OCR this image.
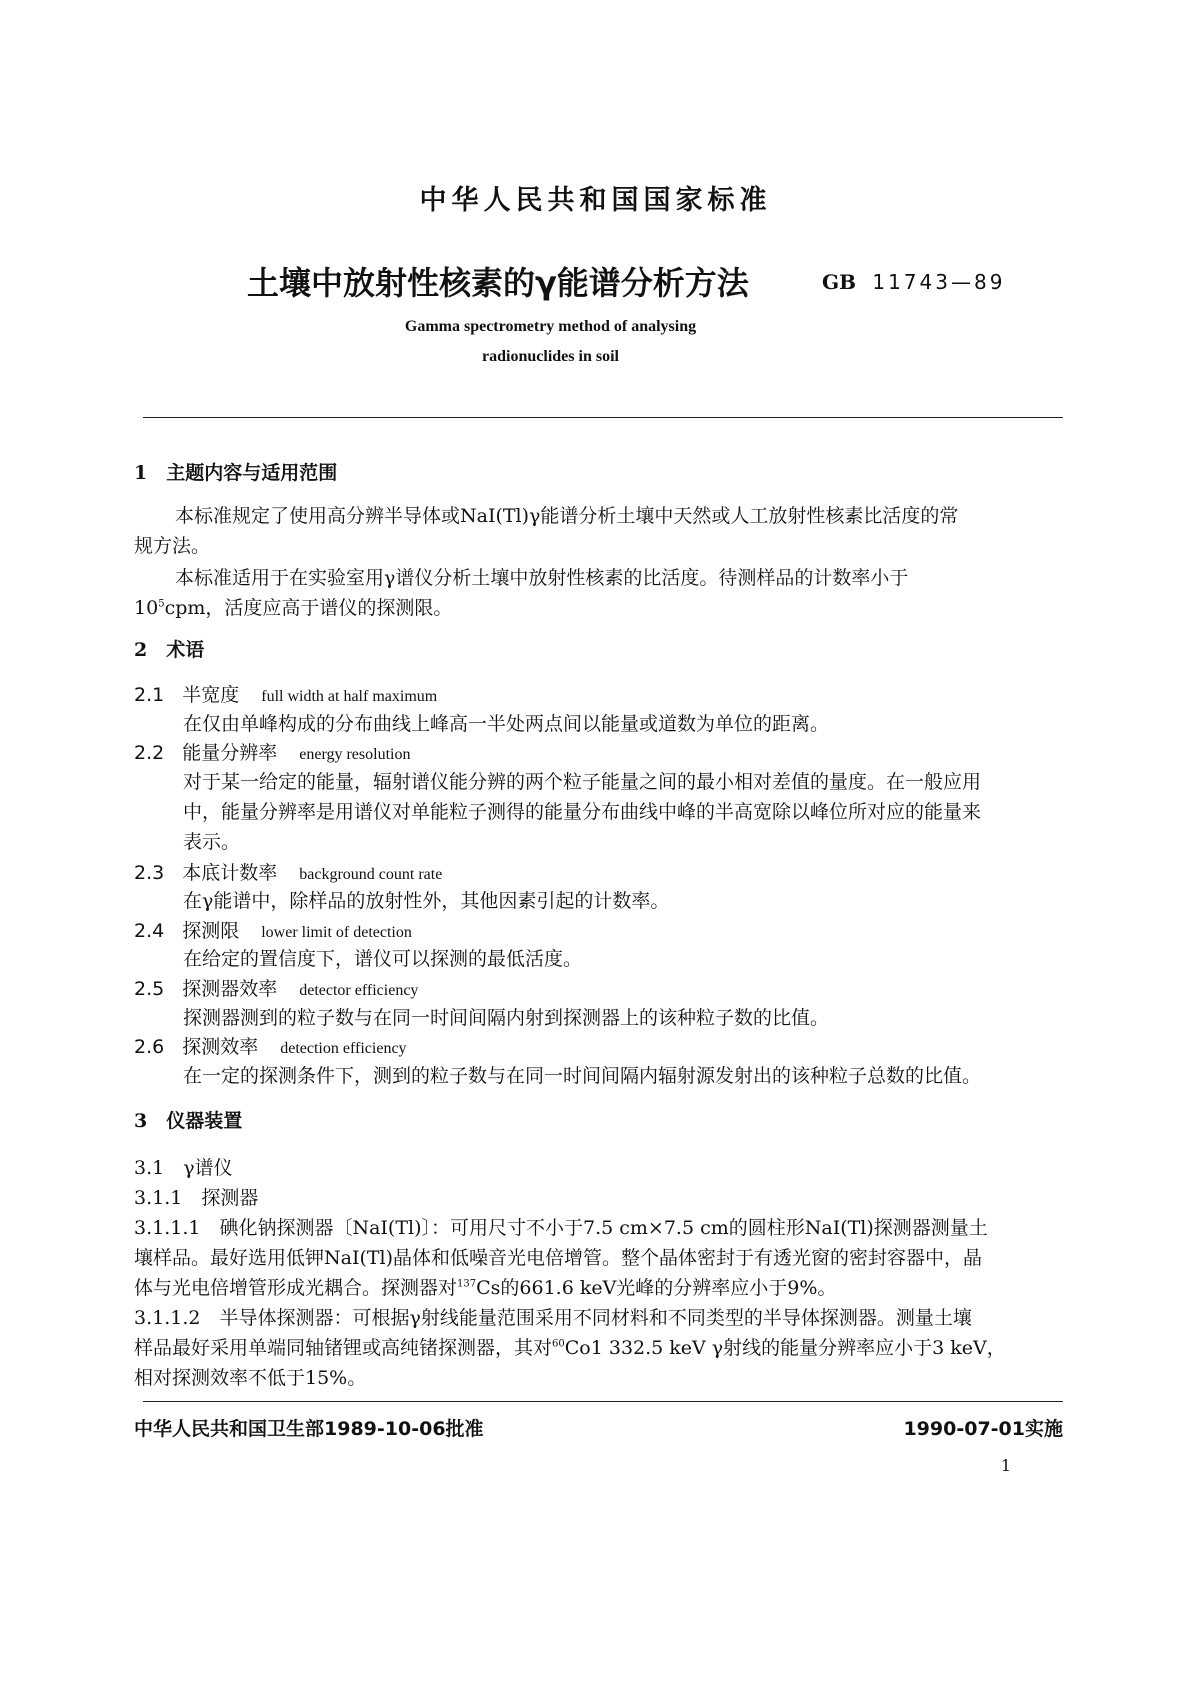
中华人民共和国国家标准
土壤中放射性核素的γ能谱分析方法	GB 11743—89
Gamma spectrometry method of analysing
radionuclides in soil
1　主题内容与适用范围
本标准规定了使用高分辨半导体或NaI(Tl)γ能谱分析土壤中天然或人工放射性核素比活度的常
规方法。
本标准适用于在实验室用γ谱仪分析土壤中放射性核素的比活度。待测样品的计数率小于
$10^5cpm$，活度应高于谱仪的探测限。
2　术语
2.1 半宽度 full width at half maximum
在仅由单峰构成的分布曲线上峰高一半处两点间以能量或道数为单位的距离。
2.2 能量分辨率 energy resolution
对于某一给定的能量，辐射谱仪能分辨的两个粒子能量之间的最小相对差值的量度。在一般应用
中，能量分辨率是用谱仪对单能粒子测得的能量分布曲线中峰的半高宽除以峰位所对应的能量来
表示。
2.3 本底计数率 background count rate
在γ能谱中，除样品的放射性外，其他因素引起的计数率。
2.4 探测限 lower limit of detection
在给定的置信度下，谱仪可以探测的最低活度。
2.5 探测器效率 detector efficiency
探测器测到的粒子数与在同一时间间隔内射到探测器上的该种粒子数的比值。
2.6 探测效率 detection efficiency
在一定的探测条件下，测到的粒子数与在同一时间间隔内辐射源发射出的该种粒子总数的比值。
3　仪器装置
3.1　γ谱仪
3.1.1　探测器
3.1.1.1　碘化钠探测器〔NaI(Tl)〕：可用尺寸不小于7.5 cm×7.5 cm的圆柱形NaI(Tl)探测器测量土
壤样品。最好选用低钾NaI(Tl)晶体和低噪音光电倍增管。整个晶体密封于有透光窗的密封容器中，晶
体与光电倍增管形成光耦合。探测器对$^{137}$Cs的661.6 keV光峰的分辨率应小于9%。
3.1.1.2　半导体探测器：可根据γ射线能量范围采用不同材料和不同类型的半导体探测器。测量土壤
样品最好采用单端同轴锗锂或高纯锗探测器，其对$^{60}$Co1 332.5 keV γ射线的能量分辨率应小于3 keV，
相对探测效率不低于15%。
中华人民共和国卫生部1989-10-06批准	1990-07-01实施
1
